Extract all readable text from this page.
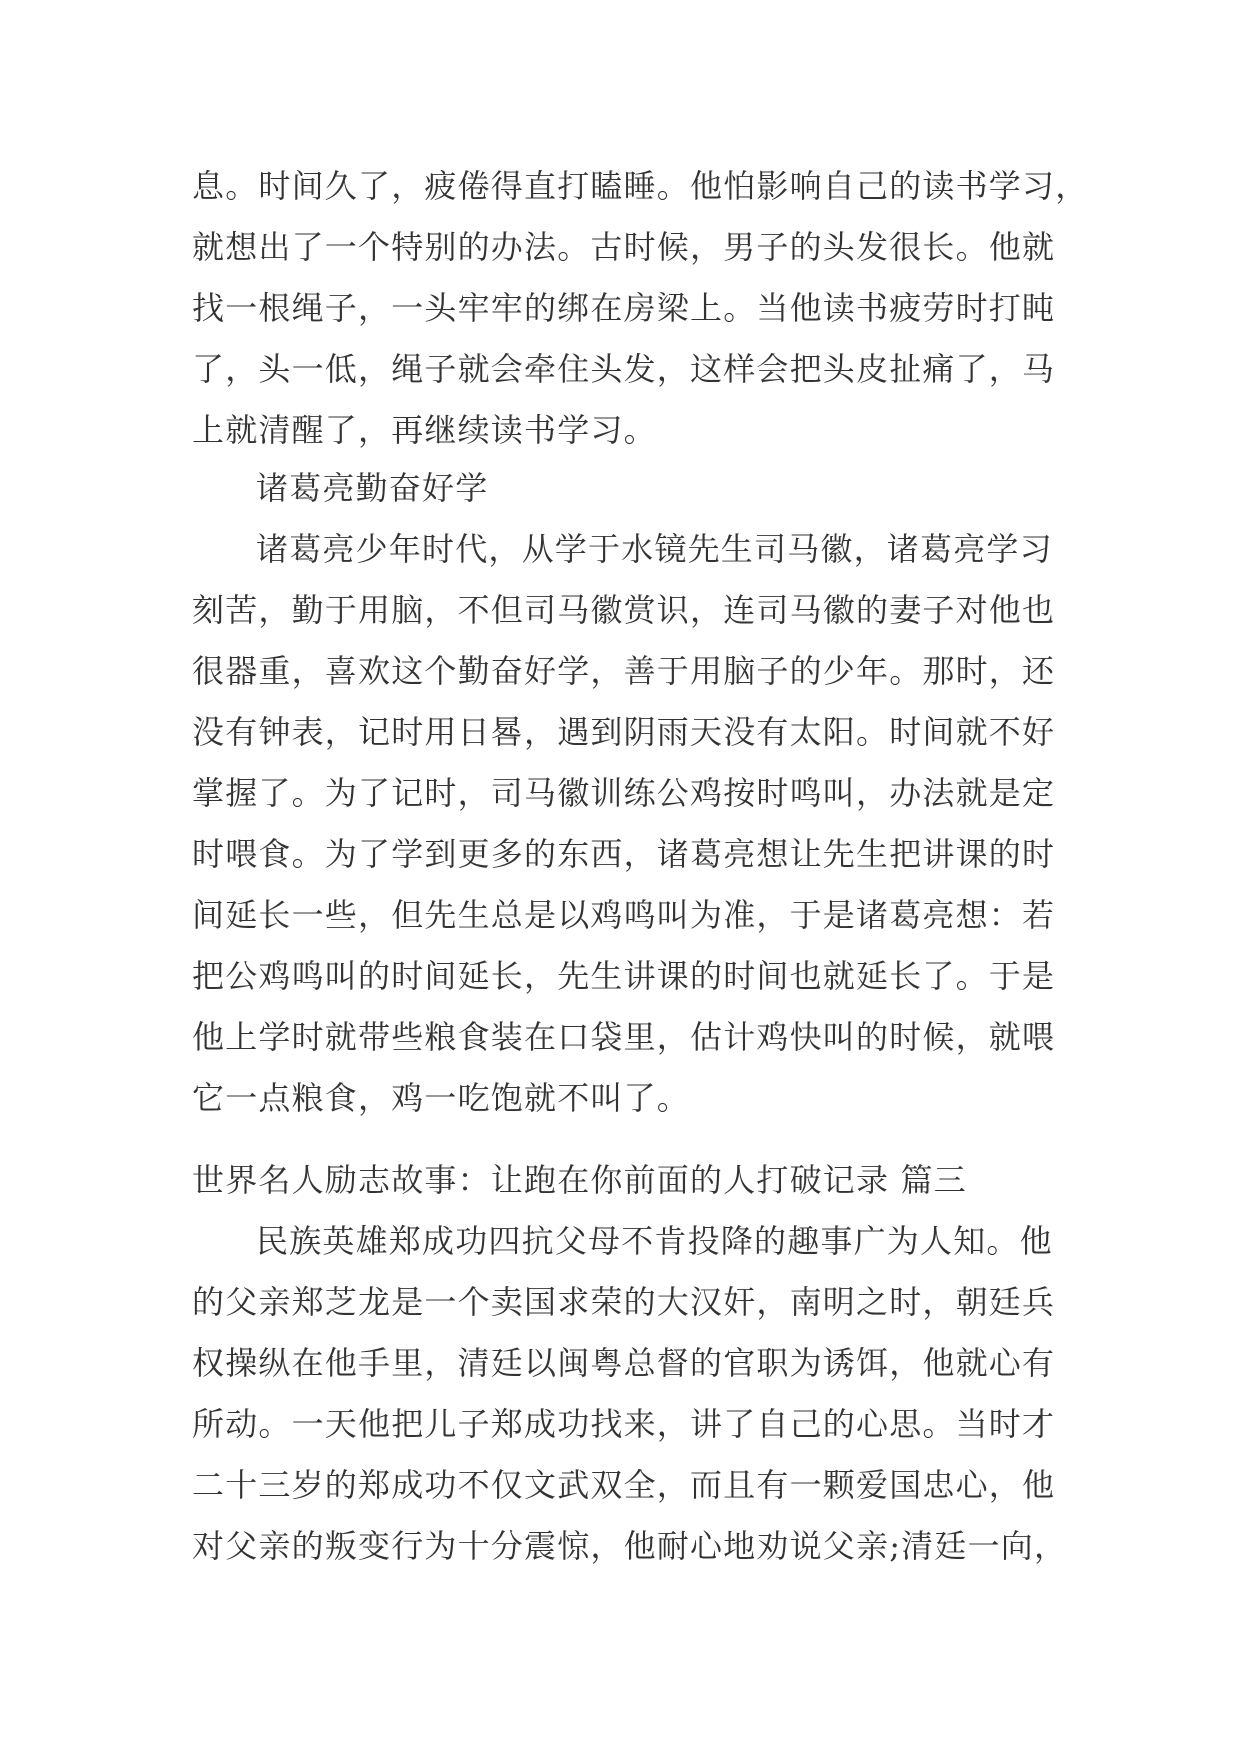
息。时间久了，疲倦得直打瞌睡。他怕影响自己的读书学习，
就想出了一个特别的办法。古时候，男子的头发很长。他就
找一根绳子，一头牢牢的绑在房梁上。当他读书疲劳时打盹
了，头一低，绳子就会牵住头发，这样会把头皮扯痛了，马
上就清醒了，再继续读书学习。
诸葛亮勤奋好学
诸葛亮少年时代，从学于水镜先生司马徽，诸葛亮学习
刻苦，勤于用脑，不但司马徽赏识，连司马徽的妻子对他也
很器重，喜欢这个勤奋好学，善于用脑子的少年。那时，还
没有钟表，记时用日晷，遇到阴雨天没有太阳。时间就不好
掌握了。为了记时，司马徽训练公鸡按时鸣叫，办法就是定
时喂食。为了学到更多的东西，诸葛亮想让先生把讲课的时
间延长一些，但先生总是以鸡鸣叫为准，于是诸葛亮想：若
把公鸡鸣叫的时间延长，先生讲课的时间也就延长了。于是
他上学时就带些粮食装在口袋里，估计鸡快叫的时候，就喂
它一点粮食，鸡一吃饱就不叫了。
世界名人励志故事：让跑在你前面的人打破记录 篇三
民族英雄郑成功四抗父母不肯投降的趣事广为人知。他
的父亲郑芝龙是一个卖国求荣的大汉奸，南明之时，朝廷兵
权操纵在他手里，清廷以闽粤总督的官职为诱饵，他就心有
所动。一天他把儿子郑成功找来，讲了自己的心思。当时才
二十三岁的郑成功不仅文武双全，而且有一颗爱国忠心，他
对父亲的叛变行为十分震惊，他耐心地劝说父亲;清廷一向，
